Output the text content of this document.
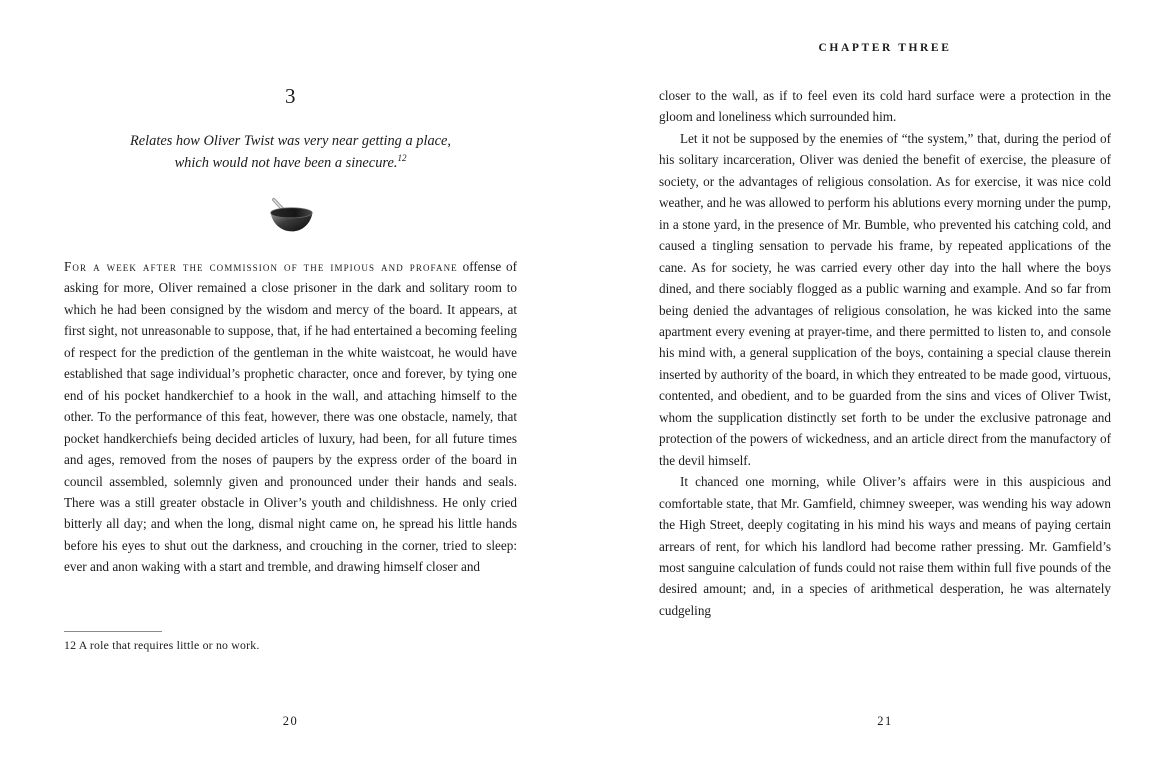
3
Relates how Oliver Twist was very near getting a place,
which would not have been a sinecure.$^{12}$

For a week after the commission of the impious and profane offense of asking for more, Oliver remained a close prisoner in the dark and solitary room to which he had been consigned by the wisdom and mercy of the board. It appears, at first sight, not unreasonable to suppose, that, if he had entertained a becoming feeling of respect for the prediction of the gentleman in the white waistcoat, he would have established that sage individual’s prophetic character, once and forever, by tying one end of his pocket handkerchief to a hook in the wall, and attaching himself to the other. To the performance of this feat, however, there was one obstacle, namely, that pocket handkerchiefs being decided articles of luxury, had been, for all future times and ages, removed from the noses of paupers by the express order of the board in council assembled, solemnly given and pronounced under their hands and seals. There was a still greater obstacle in Oliver’s youth and childishness. He only cried bitterly all day; and when the long, dismal night came on, he spread his little hands before his eyes to shut out the darkness, and crouching in the corner, tried to sleep: ever and anon waking with a start and tremble, and drawing himself closer and

12 A role that requires little or no work.
20
CHAPTER THREE

closer to the wall, as if to feel even its cold hard surface were a protection in the gloom and loneliness which surrounded him.

Let it not be supposed by the enemies of “the system,” that, during the period of his solitary incarceration, Oliver was denied the benefit of exercise, the pleasure of society, or the advantages of religious consolation. As for exercise, it was nice cold weather, and he was allowed to perform his ablutions every morning under the pump, in a stone yard, in the presence of Mr. Bumble, who prevented his catching cold, and caused a tingling sensation to pervade his frame, by repeated applications of the cane. As for society, he was carried every other day into the hall where the boys dined, and there sociably flogged as a public warning and example. And so far from being denied the advantages of religious consolation, he was kicked into the same apartment every evening at prayer-time, and there permitted to listen to, and console his mind with, a general supplication of the boys, containing a special clause therein inserted by authority of the board, in which they entreated to be made good, virtuous, contented, and obedient, and to be guarded from the sins and vices of Oliver Twist, whom the supplication distinctly set forth to be under the exclusive patronage and protection of the powers of wickedness, and an article direct from the manufactory of the devil himself.

It chanced one morning, while Oliver’s affairs were in this auspicious and comfortable state, that Mr. Gamfield, chimney sweeper, was wending his way adown the High Street, deeply cogitating in his mind his ways and means of paying certain arrears of rent, for which his landlord had become rather pressing. Mr. Gamfield’s most sanguine calculation of funds could not raise them within full five pounds of the desired amount; and, in a species of arithmetical desperation, he was alternately cudgeling

21
